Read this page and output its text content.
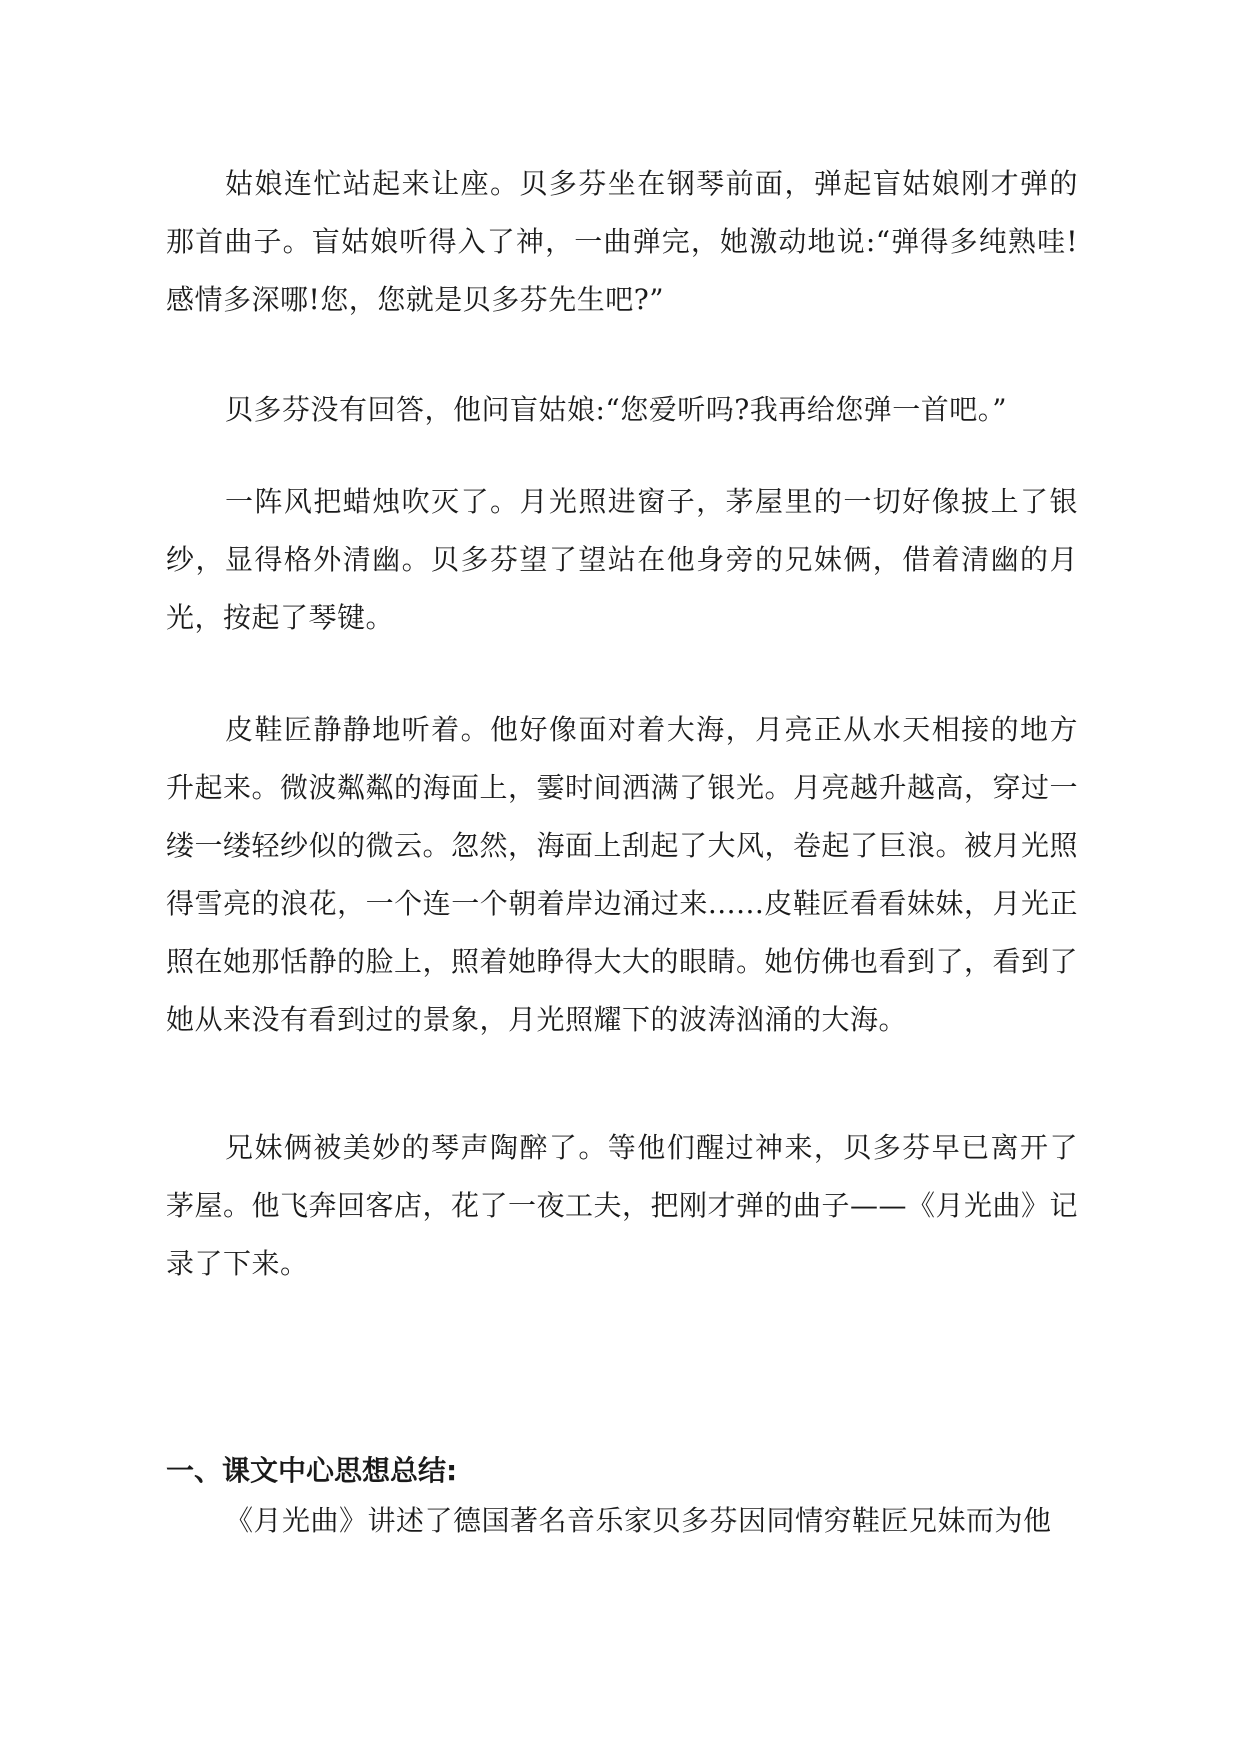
姑娘连忙站起来让座。贝多芬坐在钢琴前面，弹起盲姑娘刚才弹的那首曲子。盲姑娘听得入了神，一曲弹完，她激动地说:“弹得多纯熟哇!感情多深哪!您，您就是贝多芬先生吧?”

贝多芬没有回答，他问盲姑娘:“您爱听吗?我再给您弹一首吧。”

一阵风把蜡烛吹灭了。月光照进窗子，茅屋里的一切好像披上了银纱，显得格外清幽。贝多芬望了望站在他身旁的兄妹俩，借着清幽的月光，按起了琴键。

皮鞋匠静静地听着。他好像面对着大海，月亮正从水天相接的地方升起来。微波粼粼的海面上，霎时间洒满了银光。月亮越升越高，穿过一缕一缕轻纱似的微云。忽然，海面上刮起了大风，卷起了巨浪。被月光照得雪亮的浪花，一个连一个朝着岸边涌过来......皮鞋匠看看妹妹，月光正照在她那恬静的脸上，照着她睁得大大的眼睛。她仿佛也看到了，看到了她从来没有看到过的景象，月光照耀下的波涛汹涌的大海。

兄妹俩被美妙的琴声陶醉了。等他们醒过神来，贝多芬早已离开了茅屋。他飞奔回客店，花了一夜工夫，把刚才弹的曲子——《月光曲》记录了下来。

一、课文中心思想总结:

《月光曲》讲述了德国著名音乐家贝多芬因同情穷鞋匠兄妹而为他
